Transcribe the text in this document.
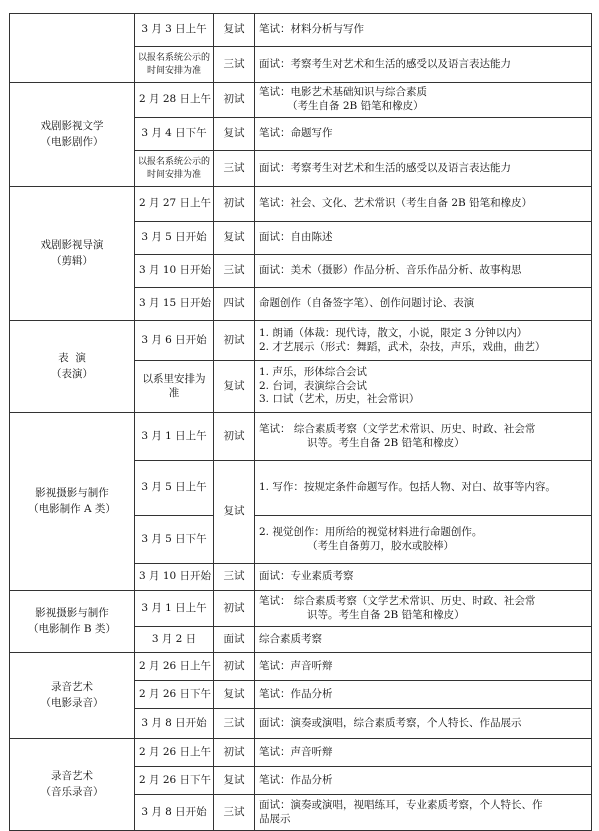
	3 月 3 日上午	复试	笔试：材料分析与写作

	以报名系统公示的时间安排为准	三试	面试：考察考生对艺术和生活的感受以及语言表达能力

戏剧影视文学
（电影剧作）	2 月 28 日上午	初试	笔试：电影艺术基础知识与综合素质
（考生自备 2B 铅笔和橡皮）

	3 月 4 日下午	复试	笔试：命题写作

	以报名系统公示的时间安排为准	三试	面试：考察考生对艺术和生活的感受以及语言表达能力

戏剧影视导演
（剪辑）	2 月 27 日上午	初试	笔试：社会、文化、艺术常识（考生自备 2B 铅笔和橡皮）

	3 月 5 日开始	复试	面试：自由陈述

	3 月 10 日开始	三试	面试：美术（摄影）作品分析、音乐作品分析、故事构思

	3 月 15 日开始	四试	命题创作（自备签字笔）、创作问题讨论、表演

表  演
（表演）	3 月 6 日开始	初试	1. 朗诵（体裁：现代诗，散文，小说，限定 3 分钟以内）
2. 才艺展示（形式：舞蹈，武术，杂技，声乐，戏曲，曲艺）

	以系里安排为 准	复试	1. 声乐，形体综合会试
2. 台词，表演综合会试
3. 口试（艺术，历史，社会常识）

影视摄影与制作
（电影制作 A 类）	3 月 1 日上午	初试	笔试： 综合素质考察（文学艺术常识、历史、时政、社会常
识等。考生自备 2B 铅笔和橡皮）

	3 月 5 日上午	复试	1. 写作：按规定条件命题写作。包括人物、对白、故事等内容。

	3 月 5 日下午		2. 视觉创作：用所给的视觉材料进行命题创作。
（考生自备剪刀，胶水或胶棒）

	3 月 10 日开始	三试	面试：专业素质考察

影视摄影与制作
（电影制作 B 类）	3 月 1 日上午	初试	笔试： 综合素质考察（文学艺术常识、历史、时政、社会常
识等。考生自备 2B 铅笔和橡皮）

	3 月 2 日	面试	综合素质考察

录音艺术
（电影录音）	2 月 26 日上午	初试	笔试：声音听辩

	2 月 26 日下午	复试	笔试：作品分析

	3 月 8 日开始	三试	面试：演奏或演唱，综合素质考察，个人特长、作品展示

录音艺术
（音乐录音）	2 月 26 日上午	初试	笔试：声音听辩

	2 月 26 日下午	复试	笔试：作品分析

	3 月 8 日开始	三试	面试：演奏或演唱，视唱练耳，专业素质考察，个人特长、作
品展示
